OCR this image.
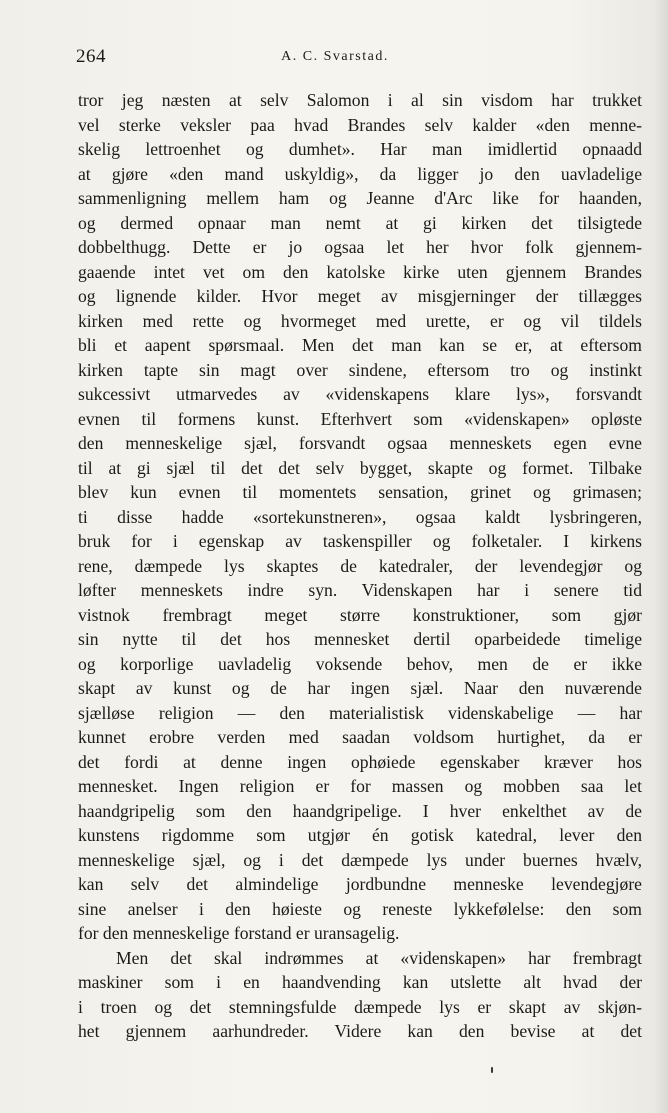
264	A. C. Svarstad.
tror jeg næsten at selv Salomon i al sin visdom har trukket
vel sterke veksler paa hvad Brandes selv kalder «den menne-
skelig lettroenhet og dumhet». Har man imidlertid opnaadd
at gjøre «den mand uskyldig», da ligger jo den uavladelige
sammenligning mellem ham og Jeanne d'Arc like for haanden,
og dermed opnaar man nemt at gi kirken det tilsigtede
dobbelthugg. Dette er jo ogsaa let her hvor folk gjennem-
gaaende intet vet om den katolske kirke uten gjennem Brandes
og lignende kilder. Hvor meget av misgjerninger der tillægges
kirken med rette og hvormeget med urette, er og vil tildels
bli et aapent spørsmaal. Men det man kan se er, at eftersom
kirken tapte sin magt over sindene, eftersom tro og instinkt
sukcessivt utmarvedes av «videnskapens klare lys», forsvandt
evnen til formens kunst. Efterhvert som «videnskapen» opløste
den menneskelige sjæl, forsvandt ogsaa menneskets egen evne
til at gi sjæl til det det selv bygget, skapte og formet. Tilbake
blev kun evnen til momentets sensation, grinet og grimasen;
ti disse hadde «sortekunstneren», ogsaa kaldt lysbringeren,
bruk for i egenskap av taskenspiller og folketaler. I kirkens
rene, dæmpede lys skaptes de katedraler, der levendegjør og
løfter menneskets indre syn. Videnskapen har i senere tid
vistnok frembragt meget større konstruktioner, som gjør
sin nytte til det hos mennesket dertil oparbeidede timelige
og korporlige uavladelig voksende behov, men de er ikke
skapt av kunst og de har ingen sjæl. Naar den nuværende
sjælløse religion — den materialistisk videnskabelige — har
kunnet erobre verden med saadan voldsom hurtighet, da er
det fordi at denne ingen ophøiede egenskaber kræver hos
mennesket. Ingen religion er for massen og mobben saa let
haandgripelig som den haandgripelige. I hver enkelthet av de
kunstens rigdomme som utgjør én gotisk katedral, lever den
menneskelige sjæl, og i det dæmpede lys under buernes hvælv,
kan selv det almindelige jordbundne menneske levendegjøre
sine anelser i den høieste og reneste lykkefølelse: den som
for den menneskelige forstand er uransagelig.
Men det skal indrømmes at «videnskapen» har frembragt
maskiner som i en haandvending kan utslette alt hvad der
i troen og det stemningsfulde dæmpede lys er skapt av skjøn-
het gjennem aarhundreder. Videre kan den bevise at det
